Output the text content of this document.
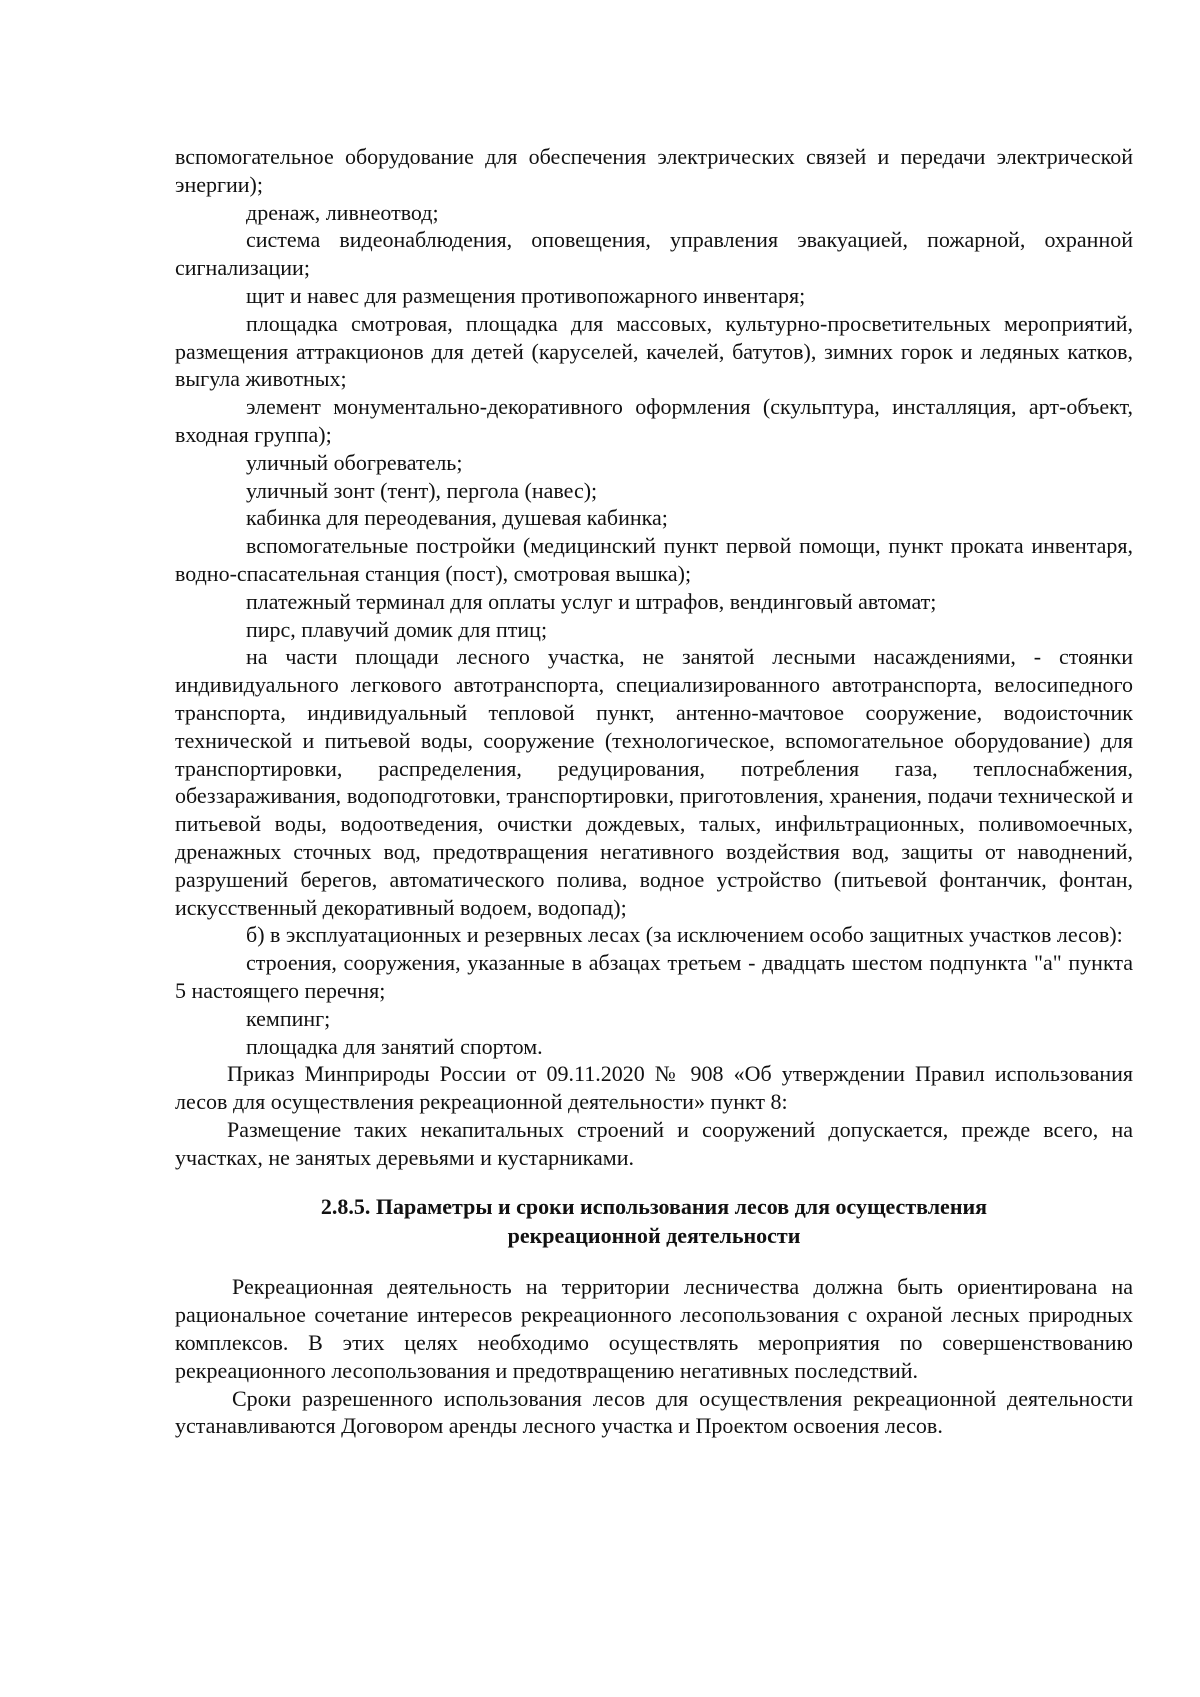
вспомогательное оборудование для обеспечения электрических связей и передачи электрической энергии);

дренаж, ливнеотвод;

система видеонаблюдения, оповещения, управления эвакуацией, пожарной, охранной сигнализации;

щит и навес для размещения противопожарного инвентаря;

площадка смотровая, площадка для массовых, культурно-просветительных мероприятий, размещения аттракционов для детей (каруселей, качелей, батутов), зимних горок и ледяных катков, выгула животных;

элемент монументально-декоративного оформления (скульптура, инсталляция, арт-объект, входная группа);

уличный обогреватель;

уличный зонт (тент), пергола (навес);

кабинка для переодевания, душевая кабинка;

вспомогательные постройки (медицинский пункт первой помощи, пункт проката инвентаря, водно-спасательная станция (пост), смотровая вышка);

платежный терминал для оплаты услуг и штрафов, вендинговый автомат;

пирс, плавучий домик для птиц;

на части площади лесного участка, не занятой лесными насаждениями, - стоянки индивидуального легкового автотранспорта, специализированного автотранспорта, велосипедного транспорта, индивидуальный тепловой пункт, антенно-мачтовое сооружение, водоисточник технической и питьевой воды, сооружение (технологическое, вспомогательное оборудование) для транспортировки, распределения, редуцирования, потребления газа, теплоснабжения, обеззараживания, водоподготовки, транспортировки, приготовления, хранения, подачи технической и питьевой воды, водоотведения, очистки дождевых, талых, инфильтрационных, поливомоечных, дренажных сточных вод, предотвращения негативного воздействия вод, защиты от наводнений, разрушений берегов, автоматического полива, водное устройство (питьевой фонтанчик, фонтан, искусственный декоративный водоем, водопад);

б) в эксплуатационных и резервных лесах (за исключением особо защитных участков лесов):

строения, сооружения, указанные в абзацах третьем - двадцать шестом подпункта "а" пункта 5 настоящего перечня;

кемпинг;

площадка для занятий спортом.

Приказ Минприроды России от 09.11.2020 № 908 «Об утверждении Правил использования лесов для осуществления рекреационной деятельности» пункт 8:

Размещение таких некапитальных строений и сооружений допускается, прежде всего, на участках, не занятых деревьями и кустарниками.

2.8.5. Параметры и сроки использования лесов для осуществления
рекреационной деятельности

Рекреационная деятельность на территории лесничества должна быть ориентирована на рациональное сочетание интересов рекреационного лесопользования с охраной лесных природных комплексов. В этих целях необходимо осуществлять мероприятия по совершенствованию рекреационного лесопользования и предотвращению негативных последствий.

Сроки разрешенного использования лесов для осуществления рекреационной деятельности устанавливаются Договором аренды лесного участка и Проектом освоения лесов.
